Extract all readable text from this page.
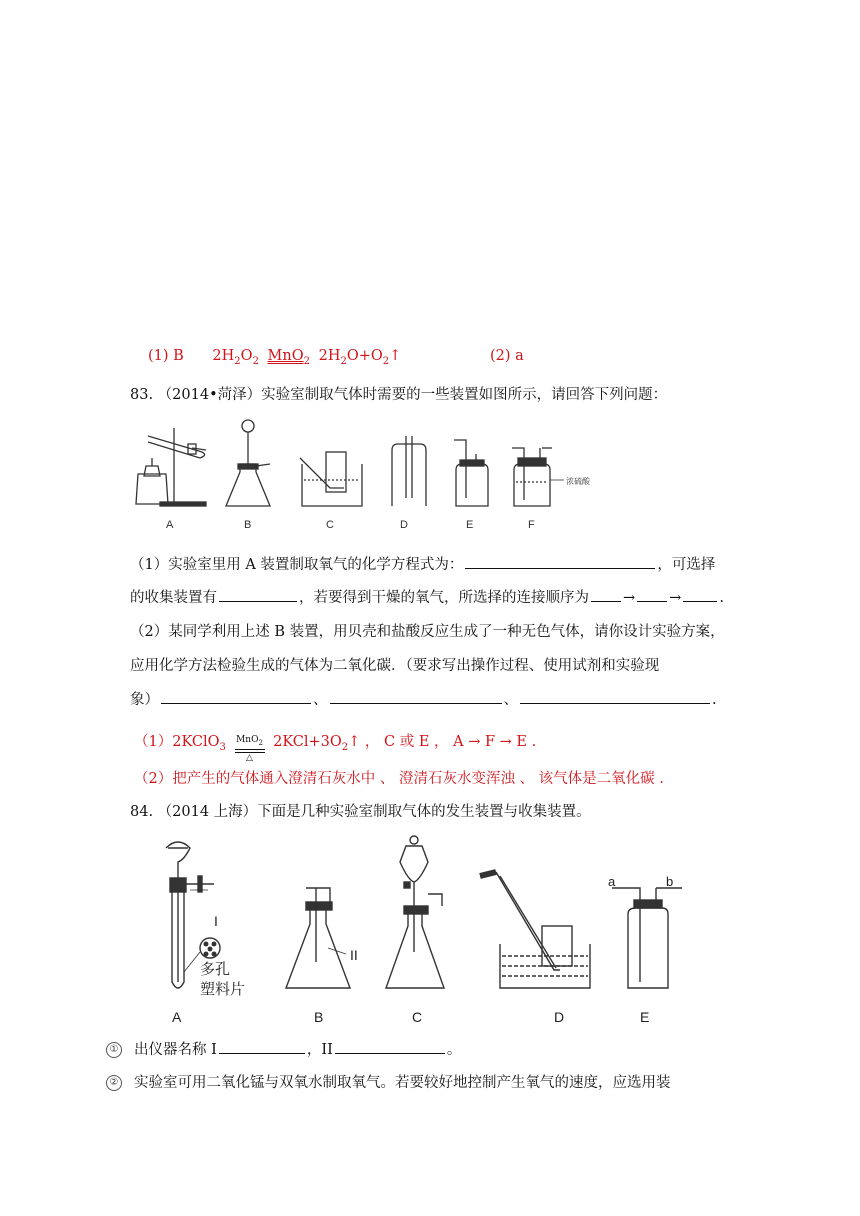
(1) B $2H_2O_2$ MnO$_2$ $2H_2O+O_2↑$	(2) a
83. （2014•菏泽）实验室制取气体时需要的一些装置如图所示，请回答下列问题：
A	B	C	D	E	F
浓硫酸
（1）实验室里用 A 装置制取氧气的化学方程式为：	，可选择
的收集装置有	，若要得到干燥的氧气，所选择的连接顺序为 → →	.
（2）某同学利用上述 B 装置，用贝壳和盐酸反应生成了一种无色气体，请你设计实验方案，
应用化学方法检验生成的气体为二氧化碳．（要求写出操作过程、使用试剂和实验现
象）	、	、	.
（1）2KClO$_3$
MnO$_2$
△
$2KCl+3O_2↑$ ， C 或 E ， A → F → E .
（2）把产生的气体通入澄清石灰水中 、 澄清石灰水变浑浊 、 该气体是二氧化碳 .
84. （2014 上海）下面是几种实验室制取气体的发生装置与收集装置。
A	B	C	D	E
I
II
多孔
塑料片
a	b
① 出仪器名称 I	，II	。
② 实验室可用二氧化锰与双氧水制取氧气。若要较好地控制产生氧气的速度，应选用装
